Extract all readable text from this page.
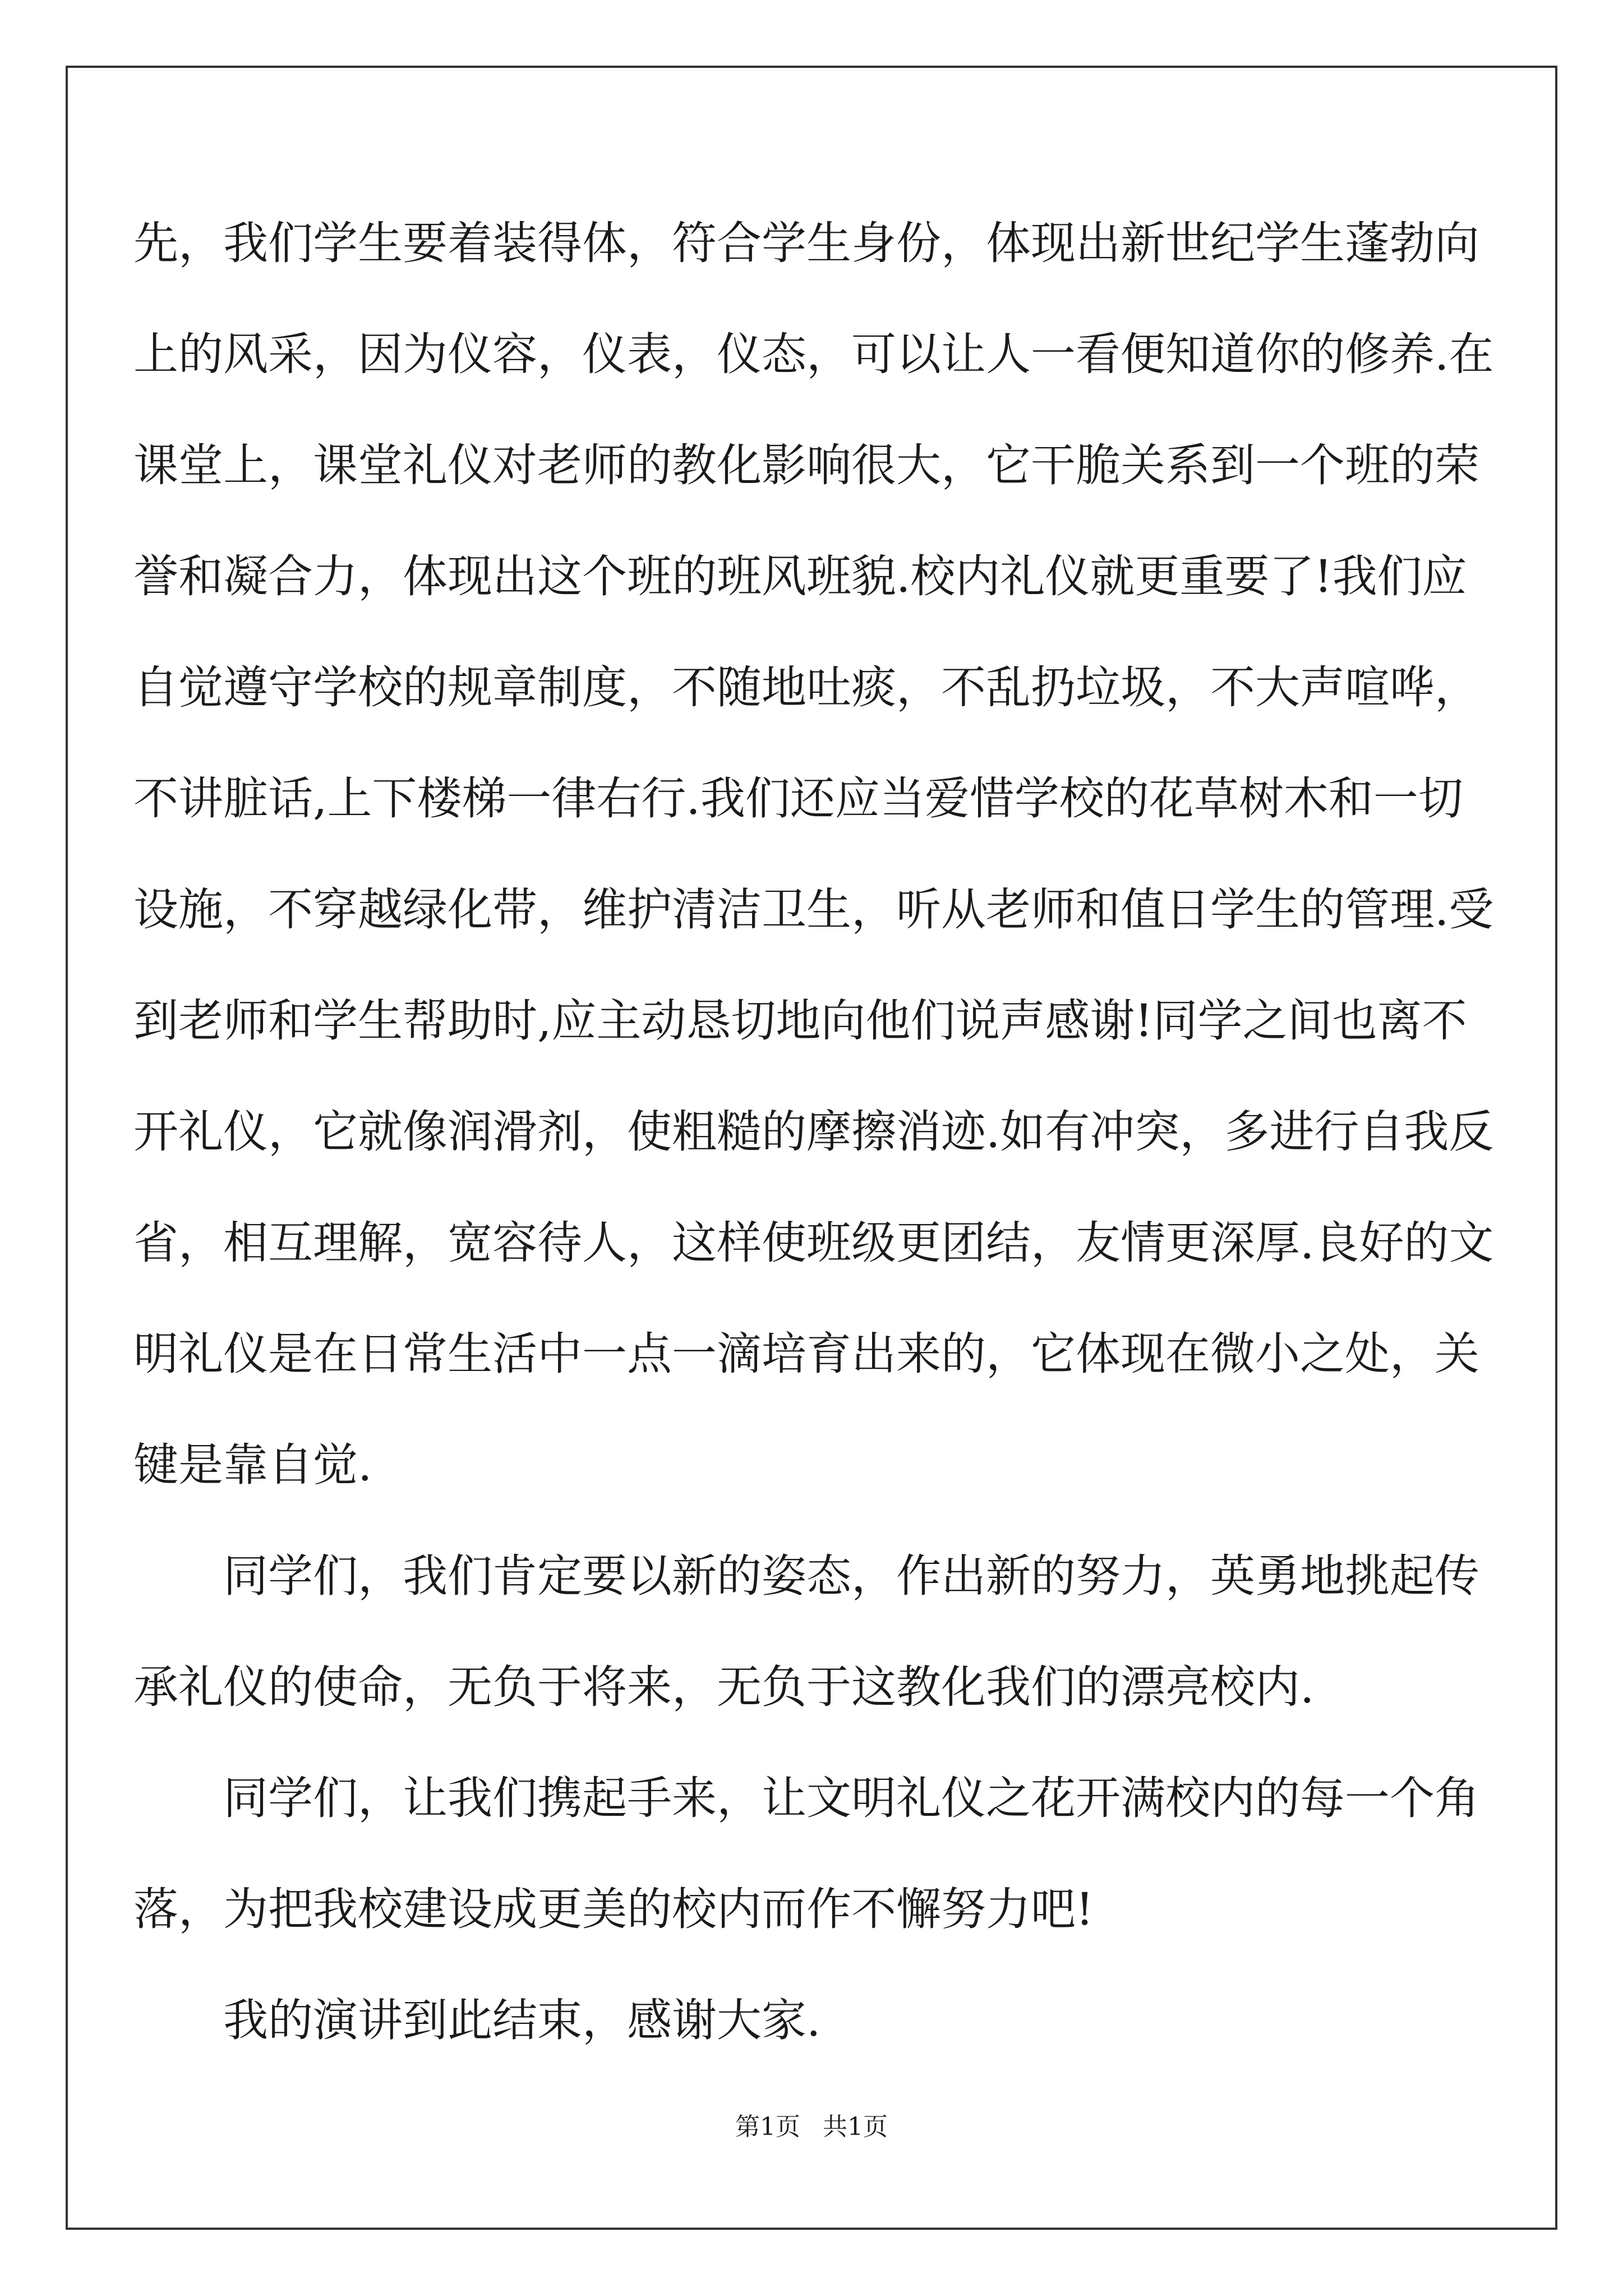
先，我们学生要着装得体，符合学生身份，体现出新世纪学生蓬勃向
上的风采，因为仪容，仪表，仪态，可以让人一看便知道你的修养.在
课堂上，课堂礼仪对老师的教化影响很大，它干脆关系到一个班的荣
誉和凝合力，体现出这个班的班风班貌.校内礼仪就更重要了!我们应
自觉遵守学校的规章制度，不随地吐痰，不乱扔垃圾，不大声喧哗，
不讲脏话,上下楼梯一律右行.我们还应当爱惜学校的花草树木和一切
设施，不穿越绿化带，维护清洁卫生，听从老师和值日学生的管理.受
到老师和学生帮助时,应主动恳切地向他们说声感谢!同学之间也离不
开礼仪，它就像润滑剂，使粗糙的摩擦消迹.如有冲突，多进行自我反
省，相互理解，宽容待人，这样使班级更团结，友情更深厚.良好的文
明礼仪是在日常生活中一点一滴培育出来的，它体现在微小之处，关
键是靠自觉.
同学们，我们肯定要以新的姿态，作出新的努力，英勇地挑起传
承礼仪的使命，无负于将来，无负于这教化我们的漂亮校内.
同学们，让我们携起手来，让文明礼仪之花开满校内的每一个角
落，为把我校建设成更美的校内而作不懈努力吧!
我的演讲到此结束，感谢大家.
第1页 共1页
